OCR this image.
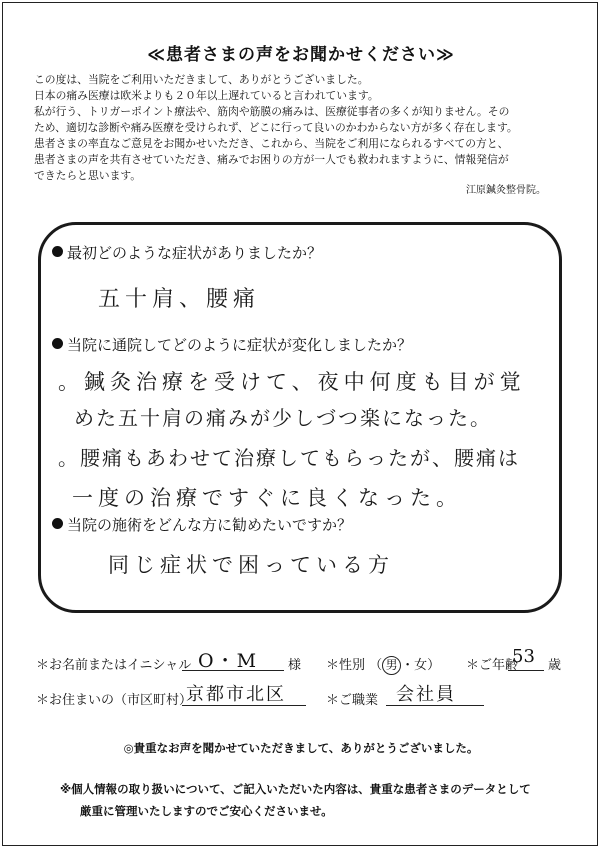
≪患者さまの声をお聞かせください≫
この度は、当院をご利用いただきまして、ありがとうございました。
日本の痛み医療は欧米よりも２０年以上遅れていると言われています。
私が行う、トリガーポイント療法や、筋肉や筋膜の痛みは、医療従事者の多くが知りません。その
ため、適切な診断や痛み医療を受けられず、どこに行って良いのかわからない方が多く存在します。
患者さまの率直なご意見をお聞かせいただき、これから、当院をご利用になられるすべての方と、
患者さまの声を共有させていただき、痛みでお困りの方が一人でも救われますように、情報発信が
できたらと思います。
江原鍼灸整骨院。
最初どのような症状がありましたか？
五十肩、腰痛
当院に通院してどのように症状が変化しましたか？
。鍼灸治療を受けて、夜中何度も目が覚
めた五十肩の痛みが少しづつ楽になった。
。腰痛もあわせて治療してもらったが、腰痛は
一度の治療ですぐに良くなった。
当院の施術をどんな方に勧めたいですか？
同じ症状で困っている方
＊お名前またはイニシャル O・M 様 ＊性別 （ 男 ・女） ＊ご年齢
53 歳
＊お住まいの（市区町村）
京都市北区	＊ご職業 会社員
◎貴重なお声を聞かせていただきまして、ありがとうございました。
※個人情報の取り扱いについて、ご記入いただいた内容は、貴重な患者さまのデータとして
厳重に管理いたしますのでご安心くださいませ。
